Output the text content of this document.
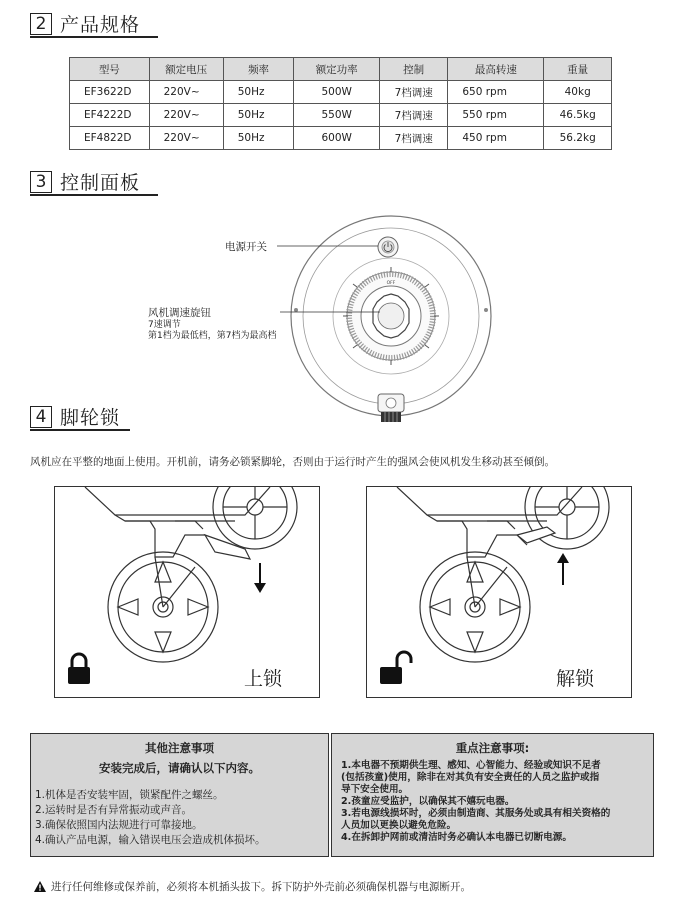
2 产品规格
型号	额定电压	频率	额定功率	控制	最高转速	重量
EF3622D	220V~	50Hz	500W	7档调速	650 rpm	40kg
EF4222D	220V~	50Hz	550W	7档调速	550 rpm	46.5kg
EF4822D	220V~	50Hz	600W	7档调速	450 rpm	56.2kg
3 控制面板
OFF
电源开关
风机调速旋钮
7速调节
第1档为最低档，第7档为最高档
4 脚轮锁
风机应在平整的地面上使用。开机前，请务必锁紧脚轮，否则由于运行时产生的强风会使风机发生移动甚至倾倒。
上锁	解锁
其他注意事项
安装完成后，请确认以下内容。
1.机体是否安装牢固，锁紧配件之螺丝。
2.运转时是否有异常振动或声音。
3.确保依照国内法规进行可靠接地。
4.确认产品电源，输入错误电压会造成机体损坏。
重点注意事项:
1.本电器不预期供生理、感知、心智能力、经验或知识不足者
(包括孩童)使用，除非在对其负有安全责任的人员之监护或指
导下安全使用。
2.孩童应受监护，以确保其不嬉玩电器。
3.若电源线损坏时，必须由制造商、其服务处或具有相关资格的
人员加以更换以避免危险。
4.在拆卸护网前或清洁时务必确认本电器已切断电源。
进行任何维修或保养前，必须将本机插头拔下。拆下防护外壳前必须确保机器与电源断开。
